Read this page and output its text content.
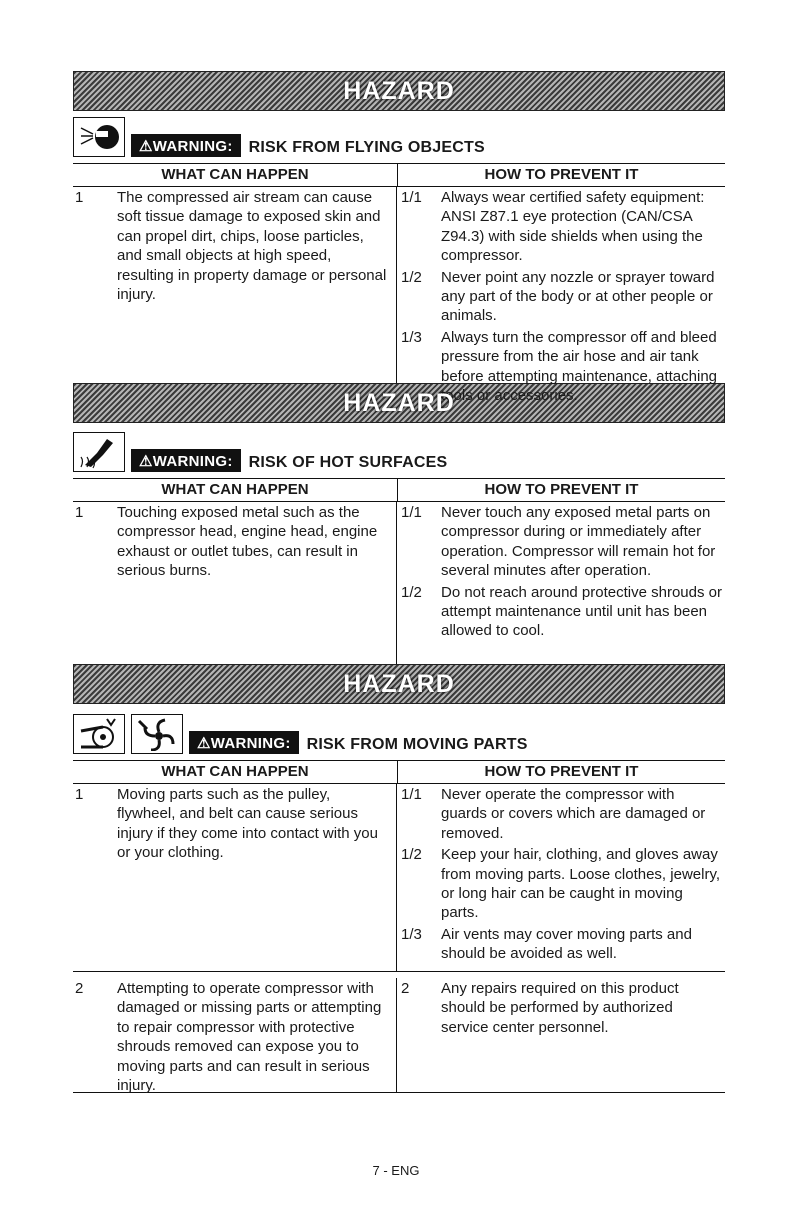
HAZARD
⚠WARNING:	RISK FROM FLYING OBJECTS
WHAT CAN HAPPEN	HOW TO PREVENT IT
1	The compressed air stream can cause soft tissue damage to exposed skin and can propel dirt, chips, loose particles, and small objects at high speed, resulting in property damage or personal injury.
1/1	Always wear certified safety equipment: ANSI Z87.1 eye protection (CAN/CSA Z94.3) with side shields when using the compressor.
1/2	Never point any nozzle or sprayer toward any part of the body or at other people or animals.
1/3	Always turn the compressor off and bleed pressure from the air hose and air tank before attempting maintenance, attaching tools or accessories.
HAZARD
⚠WARNING:	RISK OF HOT SURFACES
WHAT CAN HAPPEN	HOW TO PREVENT IT
1	Touching exposed metal such as the compressor head, engine head, engine exhaust or outlet tubes, can result in serious burns.
1/1	Never touch any exposed metal parts on compressor during or immediately after operation. Compressor will remain hot for several minutes after operation.
1/2	Do not reach around protective shrouds or attempt maintenance until unit has been allowed to cool.
HAZARD
⚠WARNING:	RISK FROM MOVING PARTS
WHAT CAN HAPPEN	HOW TO PREVENT IT
1	Moving parts such as the pulley, flywheel, and belt can cause serious injury if they come into contact with you or your clothing.
1/1	Never operate the compressor with guards or covers which are damaged or removed.
1/2	Keep your hair, clothing, and gloves away from moving parts. Loose clothes, jewelry, or long hair can be caught in moving parts.
1/3	Air vents may cover moving parts and should be avoided as well.
2	Attempting to operate compressor with damaged or missing parts or attempting to repair compressor with protective shrouds removed can expose you to moving parts and can result in serious injury.
2	Any repairs required on this product should be performed by authorized service center personnel.
7 - ENG
